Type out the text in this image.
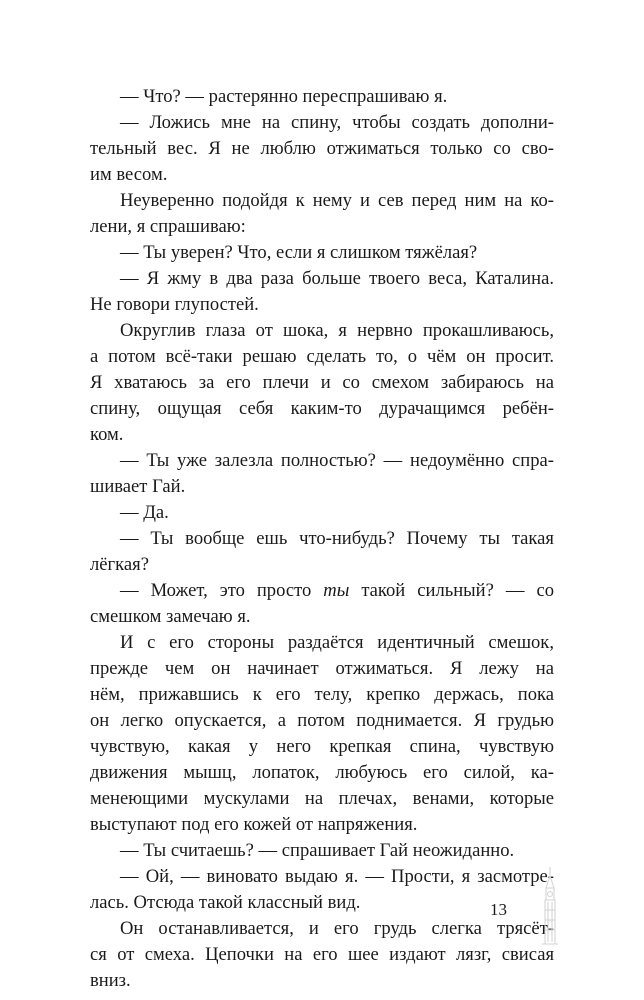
— Что? — растерянно переспрашиваю я.
— Ложись мне на спину, чтобы создать дополни-
тельный вес. Я не люблю отжиматься только со сво-
им весом.
Неуверенно подойдя к нему и сев перед ним на ко-
лени, я спрашиваю:
— Ты уверен? Что, если я слишком тяжёлая?
— Я жму в два раза больше твоего веса, Каталина.
Не говори глупостей.
Округлив глаза от шока, я нервно прокашливаюсь,
а потом всё-таки решаю сделать то, о чём он просит.
Я хватаюсь за его плечи и со смехом забираюсь на
спину, ощущая себя каким-то дурачащимся ребён-
ком.
— Ты уже залезла полностью? — недоумённо спра-
шивает Гай.
— Да.
— Ты вообще ешь что-нибудь? Почему ты такая
лёгкая?
— Может, это просто ты такой сильный? — со
смешком замечаю я.
И с его стороны раздаётся идентичный смешок,
прежде чем он начинает отжиматься. Я лежу на
нём, прижавшись к его телу, крепко держась, пока
он легко опускается, а потом поднимается. Я грудью
чувствую, какая у него крепкая спина, чувствую
движения мышц, лопаток, любуюсь его силой, ка-
менеющими мускулами на плечах, венами, которые
выступают под его кожей от напряжения.
— Ты считаешь? — спрашивает Гай неожиданно.
— Ой, — виновато выдаю я. — Прости, я засмотре-
лась. Отсюда такой классный вид.
Он останавливается, и его грудь слегка трясёт-
ся от смеха. Цепочки на его шее издают лязг, свисая
вниз.
13
